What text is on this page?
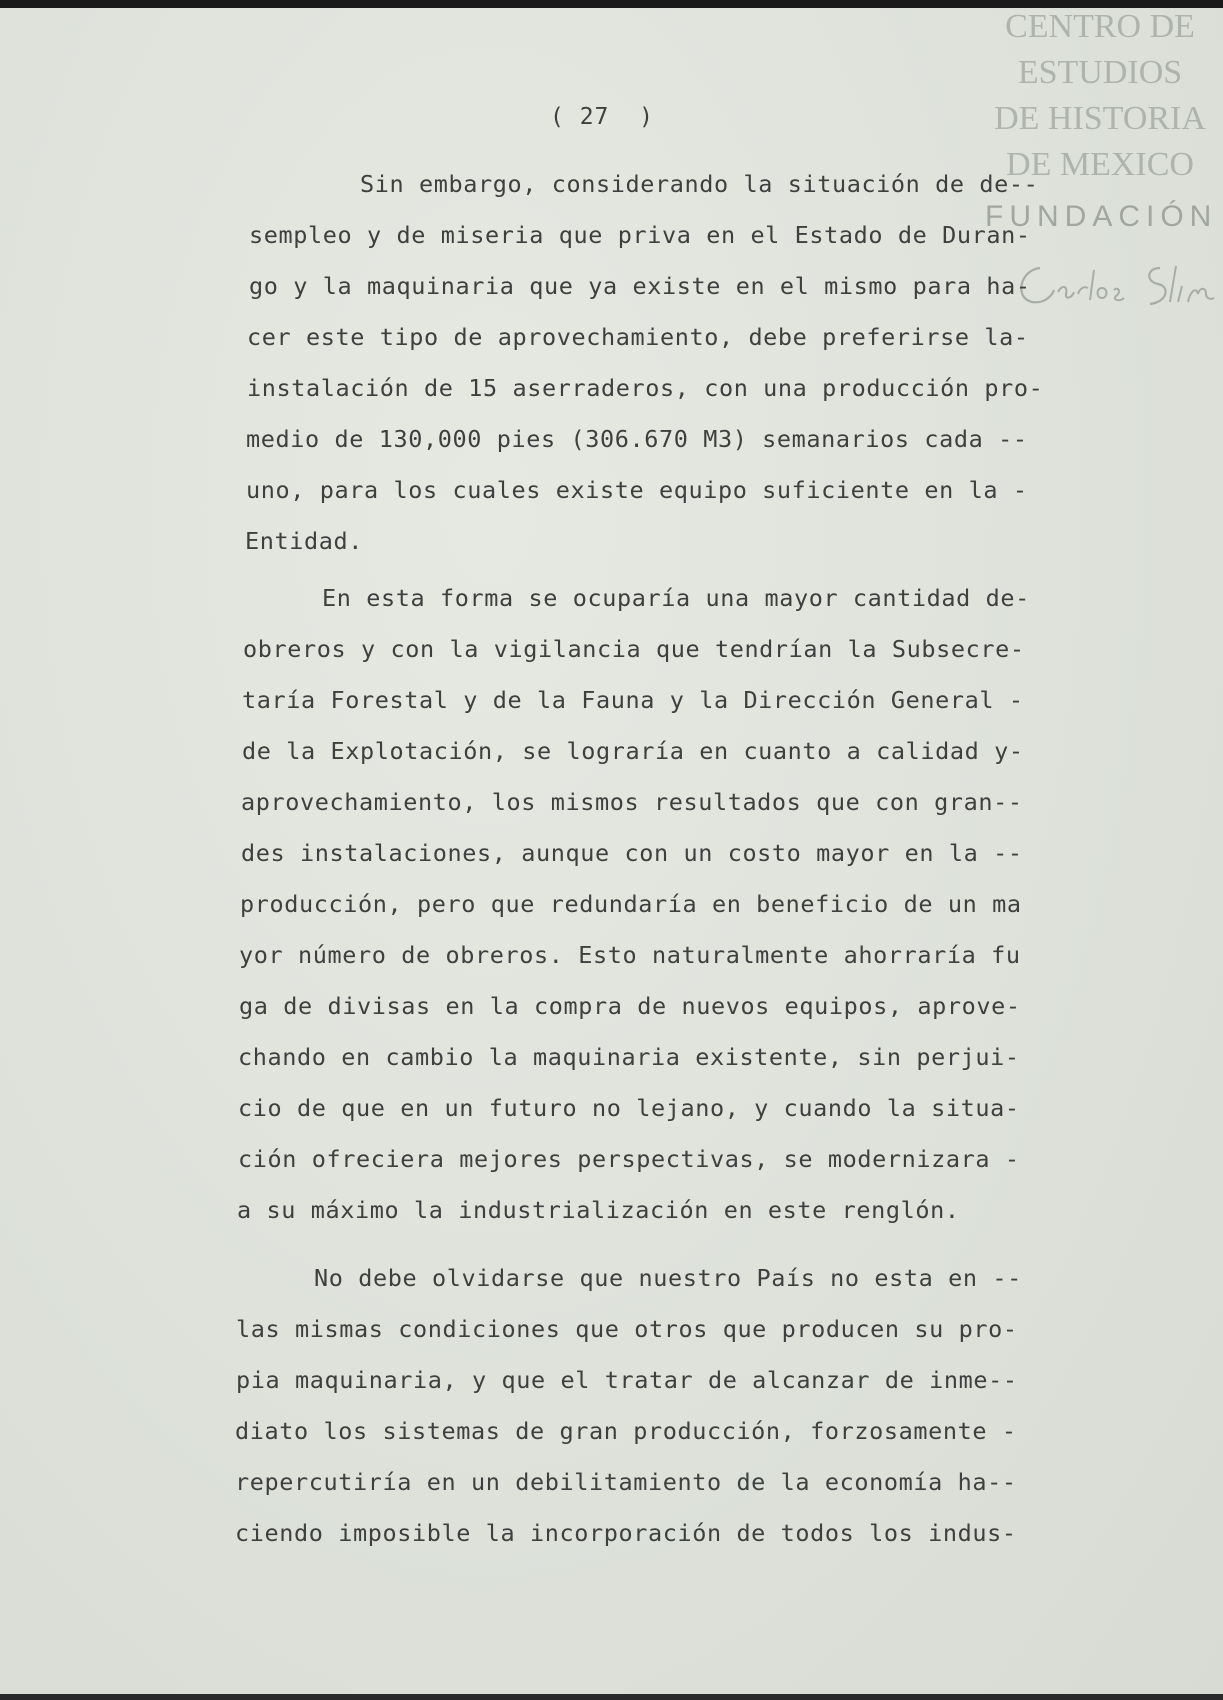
CENTRO DE
ESTUDIOS
DE HISTORIA
DE MEXICO
FUNDACIÓN
( 27  )
Sin embargo, considerando la situación de de--
sempleo y de miseria que priva en el Estado de Duran-
go y la maquinaria que ya existe en el mismo para ha-
cer este tipo de aprovechamiento, debe preferirse la-
instalación de 15 aserraderos, con una producción pro-
medio de 130,000 pies (306.670 M3) semanarios cada --
uno, para los cuales existe equipo suficiente en la -
Entidad.
En esta forma se ocuparía una mayor cantidad de-
obreros y con la vigilancia que tendrían la Subsecre-
taría Forestal y de la Fauna y la Dirección General -
de la Explotación, se lograría en cuanto a calidad y-
aprovechamiento, los mismos resultados que con gran--
des instalaciones, aunque con un costo mayor en la --
producción, pero que redundaría en beneficio de un ma
yor número de obreros. Esto naturalmente ahorraría fu
ga de divisas en la compra de nuevos equipos, aprove-
chando en cambio la maquinaria existente, sin perjui-
cio de que en un futuro no lejano, y cuando la situa-
ción ofreciera mejores perspectivas, se modernizara -
a su máximo la industrialización en este renglón.
No debe olvidarse que nuestro País no esta en --
las mismas condiciones que otros que producen su pro-
pia maquinaria, y que el tratar de alcanzar de inme--
diato los sistemas de gran producción, forzosamente -
repercutiría en un debilitamiento de la economía ha--
ciendo imposible la incorporación de todos los indus-
